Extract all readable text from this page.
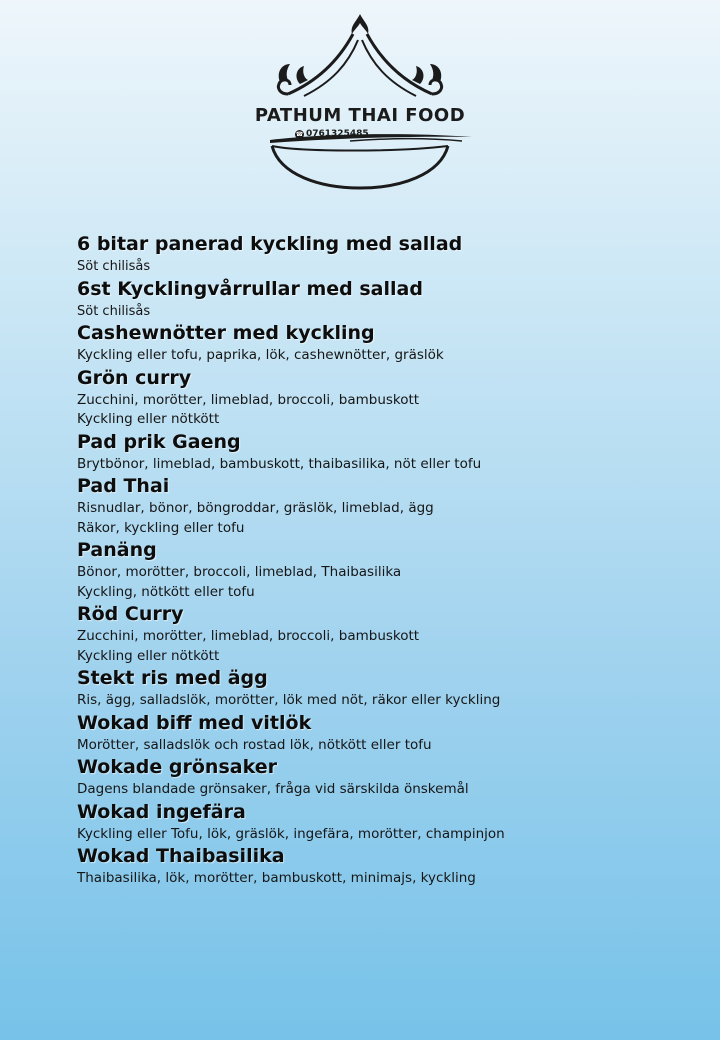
PATHUM THAI FOOD
☎ 0761325485
6 bitar panerad kyckling med sallad
Söt chilisås
6st Kycklingvårrullar med sallad
Söt chilisås
Cashewnötter med kyckling
Kyckling eller tofu, paprika, lök, cashewnötter, gräslök
Grön curry
Zucchini, morötter, limeblad, broccoli, bambuskott
Kyckling eller nötkött
Pad prik Gaeng
Brytbönor, limeblad, bambuskott, thaibasilika, nöt eller tofu
Pad Thai
Risnudlar, bönor, böngroddar, gräslök, limeblad, ägg
Räkor, kyckling eller tofu
Panäng
Bönor, morötter, broccoli, limeblad, Thaibasilika
Kyckling, nötkött eller tofu
Röd Curry
Zucchini, morötter, limeblad, broccoli, bambuskott
Kyckling eller nötkött
Stekt ris med ägg
Ris, ägg, salladslök, morötter, lök med nöt, räkor eller kyckling
Wokad biff med vitlök
Morötter, salladslök och rostad lök, nötkött eller tofu
Wokade grönsaker
Dagens blandade grönsaker, fråga vid särskilda önskemål
Wokad ingefära
Kyckling eller Tofu, lök, gräslök, ingefära, morötter, champinjon
Wokad Thaibasilika
Thaibasilika, lök, morötter, bambuskott, minimajs, kyckling
